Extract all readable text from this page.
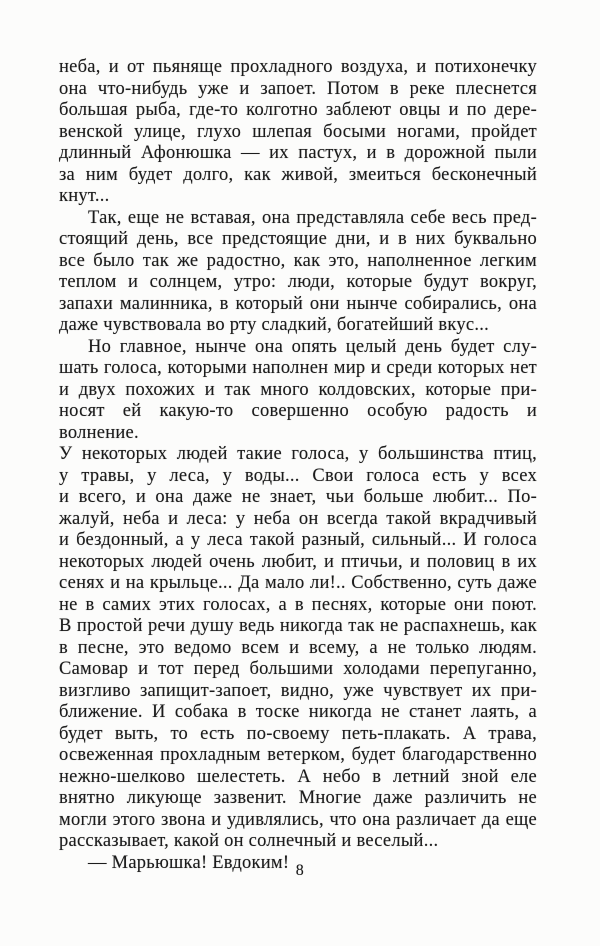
неба, и от пьяняще прохладного воздуха, и потихонечку
она что-нибудь уже и запоет. Потом в реке плеснется
большая рыба, где-то колготно заблеют овцы и по дере-
венской улице, глухо шлепая босыми ногами, пройдет
длинный Афонюшка — их пастух, и в дорожной пыли
за ним будет долго, как живой, змеиться бесконечный
кнут...
Так, еще не вставая, она представляла себе весь пред-
стоящий день, все предстоящие дни, и в них буквально
все было так же радостно, как это, наполненное легким
теплом и солнцем, утро: люди, которые будут вокруг,
запахи малинника, в который они нынче собирались, она
даже чувствовала во рту сладкий, богатейший вкус...
Но главное, нынче она опять целый день будет слу-
шать голоса, которыми наполнен мир и среди которых нет
и двух похожих и так много колдовских, которые при-
носят ей какую-то совершенно особую радость и волнение.
У некоторых людей такие голоса, у большинства птиц,
у травы, у леса, у воды... Свои голоса есть у всех
и всего, и она даже не знает, чьи больше любит... По-
жалуй, неба и леса: у неба он всегда такой вкрадчивый
и бездонный, а у леса такой разный, сильный... И голоса
некоторых людей очень любит, и птичьи, и половиц в их
сенях и на крыльце... Да мало ли!.. Собственно, суть даже
не в самих этих голосах, а в песнях, которые они поют.
В простой речи душу ведь никогда так не распахнешь, как
в песне, это ведомо всем и всему, а не только людям.
Самовар и тот перед большими холодами перепуганно,
визгливо запищит-запоет, видно, уже чувствует их при-
ближение. И собака в тоске никогда не станет лаять, а
будет выть, то есть по-своему петь-плакать. А трава,
освеженная прохладным ветерком, будет благодарственно
нежно-шелково шелестеть. А небо в летний зной еле
внятно ликующе зазвенит. Многие даже различить не
могли этого звона и удивлялись, что она различает да еще
рассказывает, какой он солнечный и веселый...
— Марьюшка! Евдоким! 8
